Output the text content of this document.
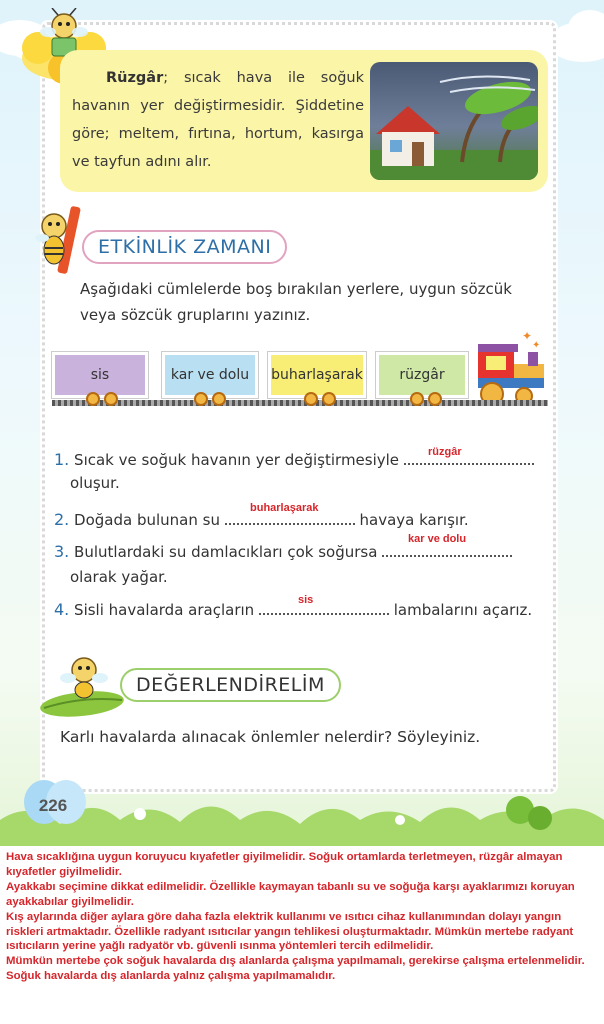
Rüzgâr; sıcak hava ile soğuk havanın yer değiştirmesidir. Şiddetine göre; meltem, fırtına, hortum, kasırga ve tayfun adını alır.
ETKİNLİK ZAMANI
Aşağıdaki cümlelerde boş bırakılan yerlere, uygun sözcük veya sözcük gruplarını yazınız.
sis	kar ve dolu buharlaşarak	rüzgâr
✦
✦
1. Sıcak ve soğuk havanın yer değiştirmesiyle	rüzgâr
oluşur.
2. Doğada bulunan su	havaya karışır.
buharlaşarak
3. Bulutlardaki su damlacıkları çok soğursa
kar ve dolu
olarak yağar.
4. Sisli havalarda araçların	lambalarını açarız.
sis
DEĞERLENDİRELİM
Karlı havalarda alınacak önlemler nelerdir? Söyleyiniz.
226

Hava sıcaklığına uygun koruyucu kıyafetler giyilmelidir. Soğuk ortamlarda terletmeyen, rüzgâr almayan kıyafetler giyilmelidir.

Ayakkabı seçimine dikkat edilmelidir. Özellikle kaymayan tabanlı su ve soğuğa karşı ayaklarımızı koruyan ayakkabılar giyilmelidir.

Kış aylarında diğer aylara göre daha fazla elektrik kullanımı ve ısıtıcı cihaz kullanımından dolayı yangın riskleri artmaktadır. Özellikle radyant ısıtıcılar yangın tehlikesi oluşturmaktadır. Mümkün mertebe radyant ısıtıcıların yerine yağlı radyatör vb. güvenli ısınma yöntemleri tercih edilmelidir.

Mümkün mertebe çok soğuk havalarda dış alanlarda çalışma yapılmamalı, gerekirse çalışma ertelenmelidir. Soğuk havalarda dış alanlarda yalnız çalışma yapılmamalıdır.
